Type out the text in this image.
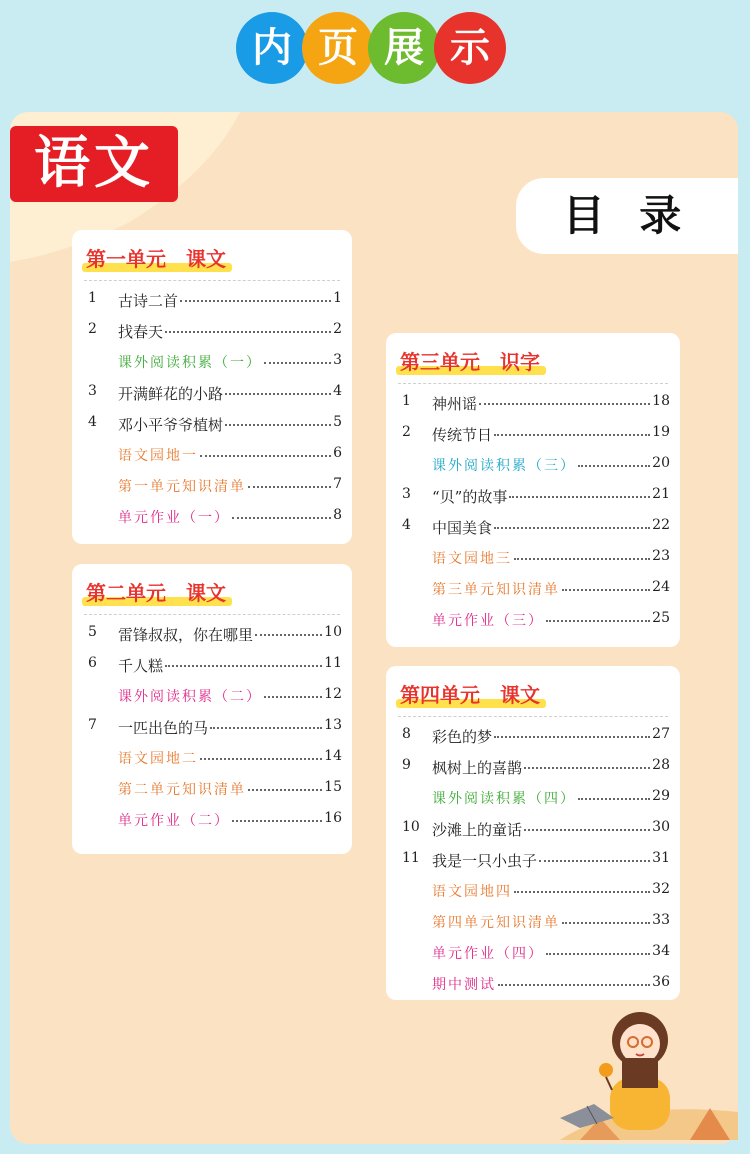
内 页 展 示
语文
目 录
第一单元　课文
1	古诗二首	1
2	找春天	2
课外阅读积累（一）	3
3	开满鲜花的小路	4
4	邓小平爷爷植树	5
语文园地一	6
第一单元知识清单	7
单元作业（一）	8
第二单元　课文
5	雷锋叔叔，你在哪里	10
6	千人糕	11
课外阅读积累（二）	12
7	一匹出色的马	13
语文园地二	14
第二单元知识清单	15
单元作业（二）	16
第三单元　识字
1	神州谣	18
2	传统节日	19
课外阅读积累（三）	20
3	“贝”的故事	21
4	中国美食	22
语文园地三	23
第三单元知识清单	24
单元作业（三）	25
第四单元　课文
8	彩色的梦	27
9	枫树上的喜鹊	28
课外阅读积累（四）	29
10 沙滩上的童话	30
11 我是一只小虫子	31
语文园地四	32
第四单元知识清单	33
单元作业（四）	34
期中测试	36
